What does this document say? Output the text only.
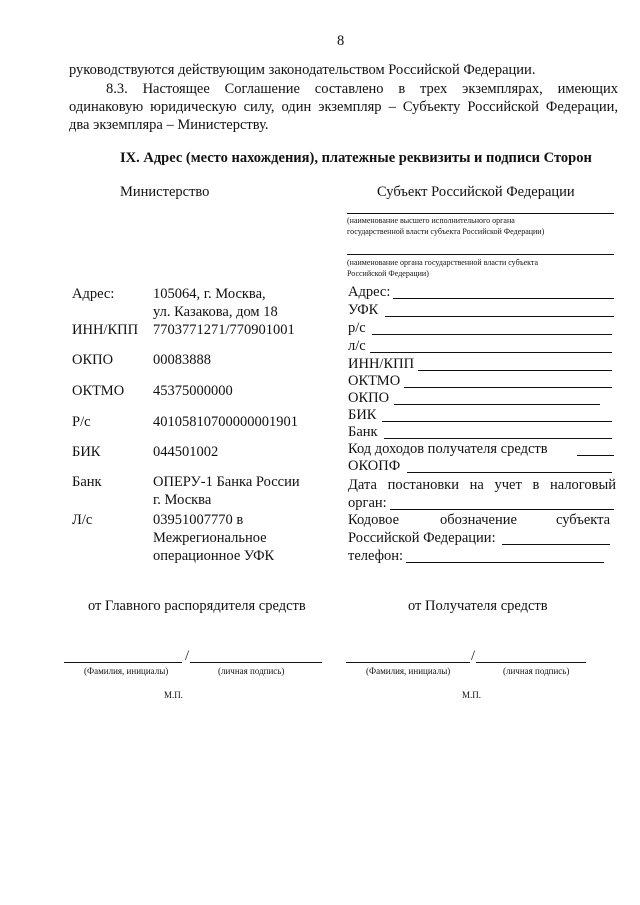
8
руководствуются действующим законодательством Российской Федерации.
8.3. Настоящее Соглашение составлено в трех экземплярах, имеющих
одинаковую юридическую силу, один экземпляр – Субъекту Российской Федерации,
два экземпляра – Министерству.
IX. Адрес (место нахождения), платежные реквизиты и подписи Сторон
Министерство	Субъект Российской Федерации
(наименование высшего исполнительного органа
государственной власти субъекта Российской Федерации)
(наименование органа государственной власти субъекта
Российской Федерации)
Адрес:	105064, г. Москва,
ул. Казакова, дом 18
ИНН/КПП 7703771271/770901001
ОКПО	00083888
ОКТМО 45375000000
Р/с	40105810700000001901
БИК	044501002
Банк	ОПЕРУ-1 Банка России
г. Москва
Л/с	03951007770 в
Межрегиональное
операционное УФК
Адрес:
УФК
р/с
л/с
ИНН/КПП
ОКТМО
ОКПО
БИК
Банк
Код доходов получателя средств
ОКОПФ
Дата постановки на учет в налоговый
орган:
Кодовое	обозначение	субъекта
Российской Федерации:
телефон:
от Главного распорядителя средств	от Получателя средств
/
(Фамилия, инициалы)	(личная подпись)
М.П.
/
(Фамилия, инициалы)	(личная подпись)
М.П.
